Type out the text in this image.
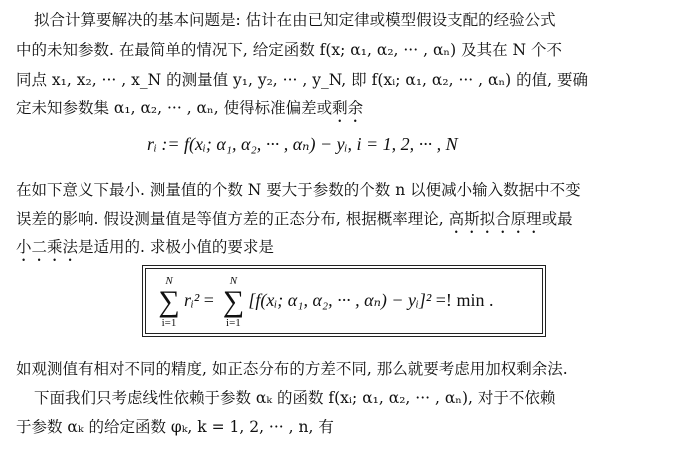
拟合计算要解决的基本问题是: 估计在由已知定律或模型假设支配的经验公式
中的未知参数. 在最简单的情况下, 给定函数 f(x; α₁, α₂, ··· , αₙ) 及其在 N 个不
同点 x₁, x₂, ··· , x_N 的测量值 y₁, y₂, ··· , y_N, 即 f(xᵢ; α₁, α₂, ··· , αₙ) 的值, 要确
定未知参数集 α₁, α₂, ··· , αₙ, 使得标准偏差或剩余
rᵢ := f(xᵢ; α₁, α₂, ··· , αₙ) − yᵢ, i = 1, 2, ··· , N
在如下意义下最小. 测量值的个数 N 要大于参数的个数 n 以便减小输入数据中不变
误差的影响. 假设测量值是等值方差的正态分布, 根据概率理论, 高斯拟合原理或最
小二乘法是适用的. 求极小值的要求是
N
∑
i=1
rᵢ² =
N
∑
i=1
[f(xᵢ; α₁, α₂, ··· , αₙ) − yᵢ]² =! min .
如观测值有相对不同的精度, 如正态分布的方差不同, 那么就要考虑用加权剩余法.
下面我们只考虑线性依赖于参数 αₖ 的函数 f(xᵢ; α₁, α₂, ··· , αₙ), 对于不依赖
于参数 αₖ 的给定函数 φₖ, k = 1, 2, ··· , n, 有
